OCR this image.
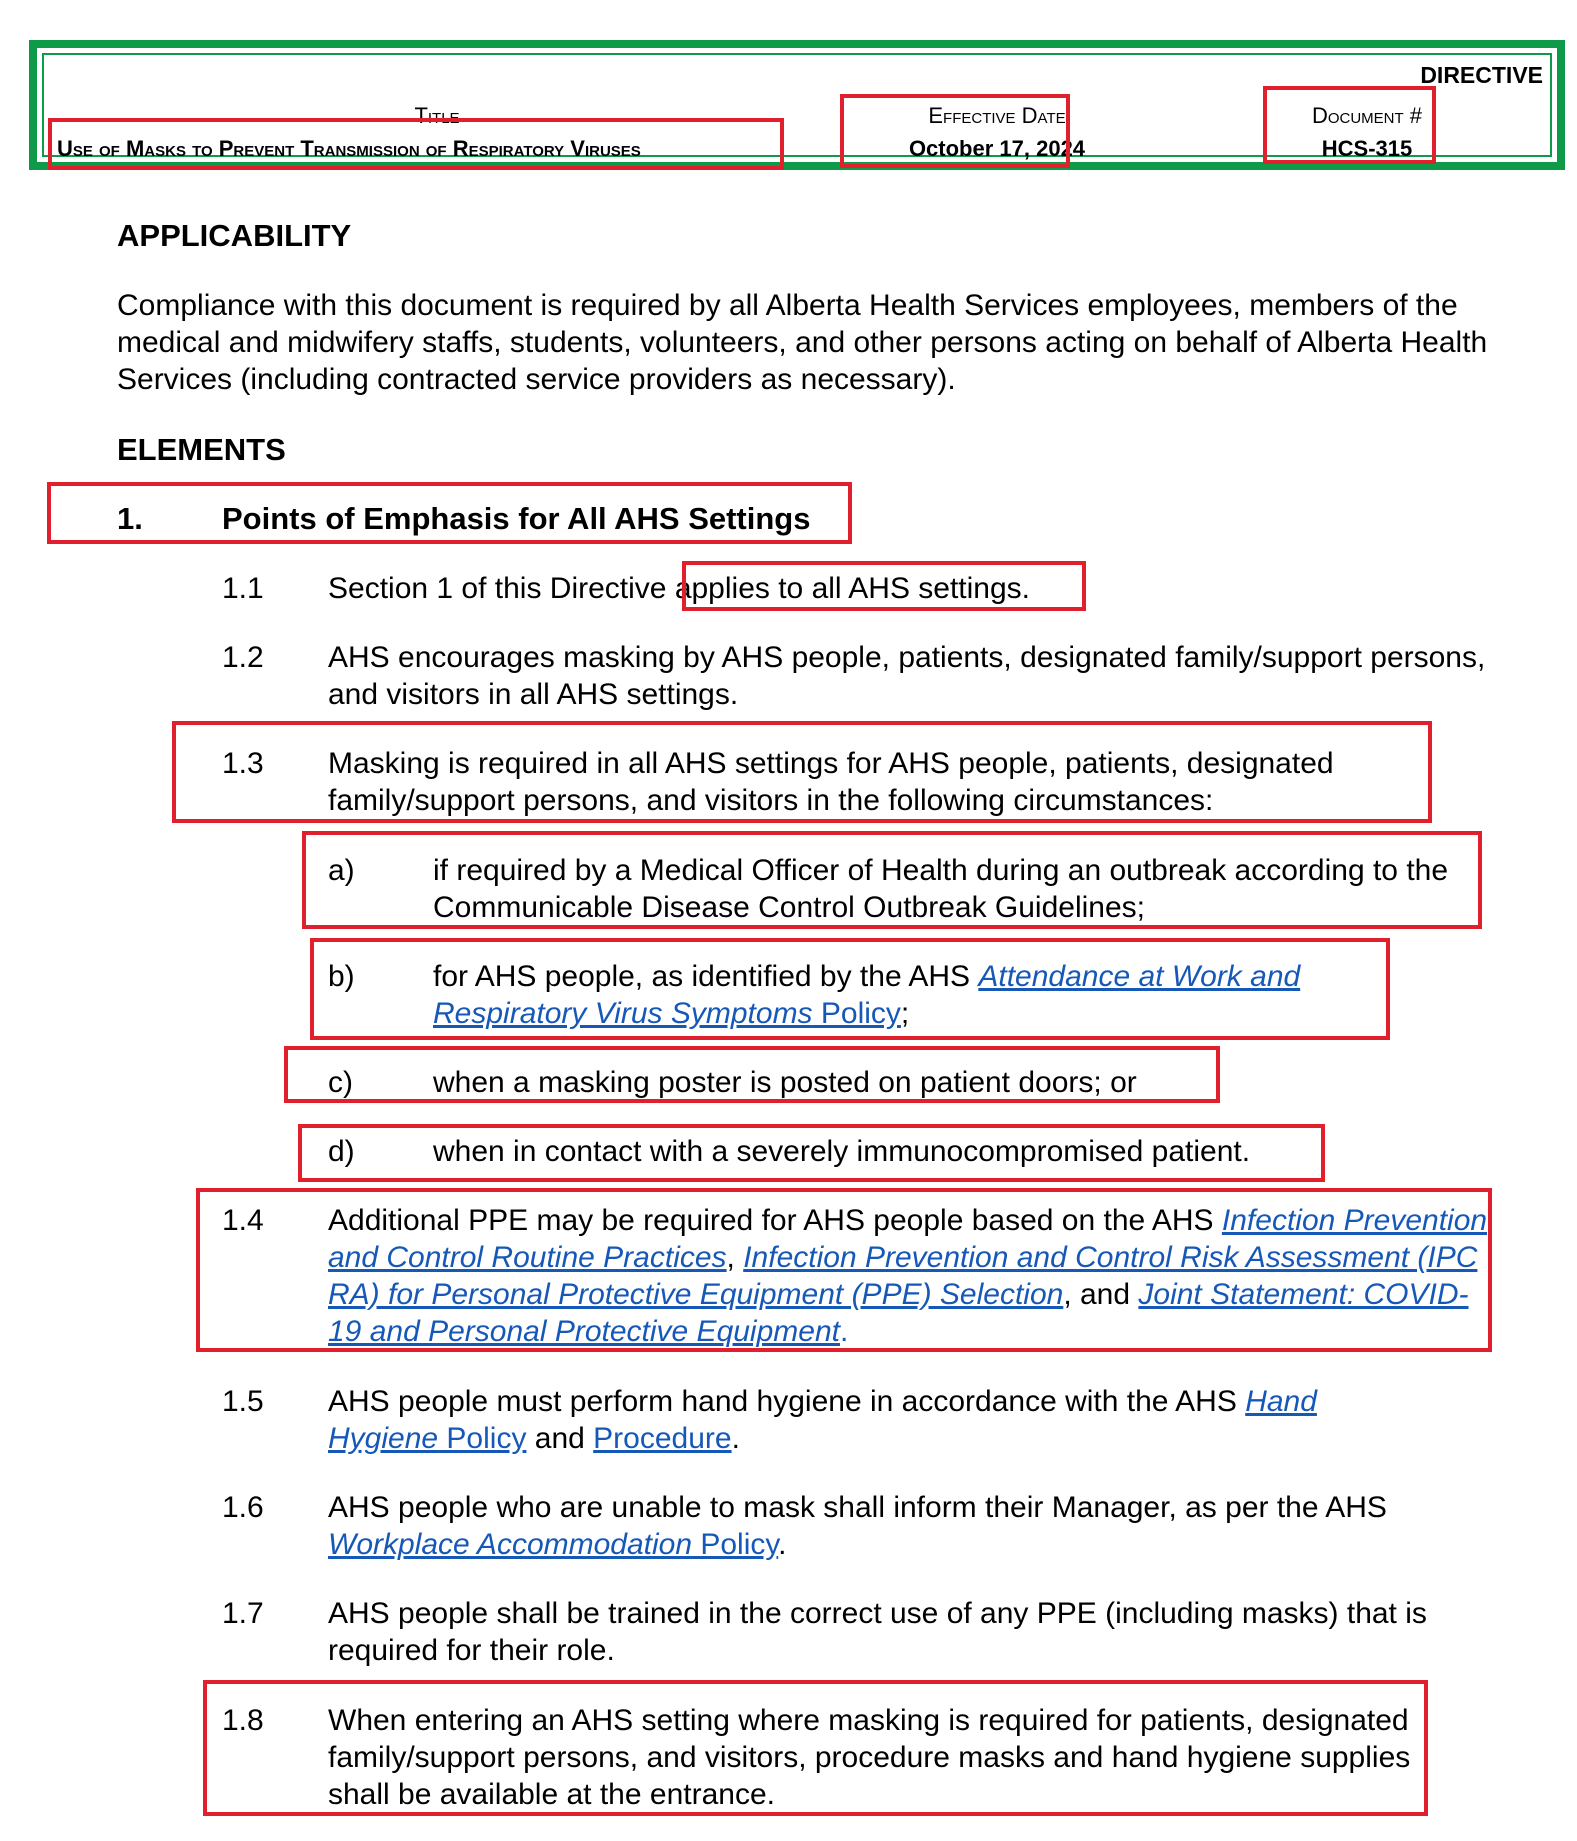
DIRECTIVE
Title
Use of Masks to Prevent Transmission of Respiratory Viruses
Effective Date
October 17, 2024
Document #
HCS-315
APPLICABILITY
Compliance with this document is required by all Alberta Health Services employees, members of the medical and midwifery staffs, students, volunteers, and other persons acting on behalf of Alberta Health Services (including contracted service providers as necessary).
ELEMENTS
1.	Points of Emphasis for All AHS Settings
1.1 Section 1 of this Directive applies to all AHS settings.
1.2 AHS encourages masking by AHS people, patients, designated family/support persons, and visitors in all AHS settings.
1.3 Masking is required in all AHS settings for AHS people, patients, designated family/support persons, and visitors in the following circumstances:
a)	if required by a Medical Officer of Health during an outbreak according to the Communicable Disease Control Outbreak Guidelines;
b)	for AHS people, as identified by the AHS Attendance at Work and Respiratory Virus Symptoms Policy;
c)	when a masking poster is posted on patient doors; or
d)	when in contact with a severely immunocompromised patient.
1.4 Additional PPE may be required for AHS people based on the AHS Infection Prevention and Control Routine Practices, Infection Prevention and Control Risk Assessment (IPC RA) for Personal Protective Equipment (PPE) Selection, and Joint Statement: COVID-19 and Personal Protective Equipment.
1.5 AHS people must perform hand hygiene in accordance with the AHS Hand Hygiene Policy and Procedure.
1.6 AHS people who are unable to mask shall inform their Manager, as per the AHS Workplace Accommodation Policy.
1.7 AHS people shall be trained in the correct use of any PPE (including masks) that is required for their role.
1.8 When entering an AHS setting where masking is required for patients, designated family/support persons, and visitors, procedure masks and hand hygiene supplies shall be available at the entrance.
